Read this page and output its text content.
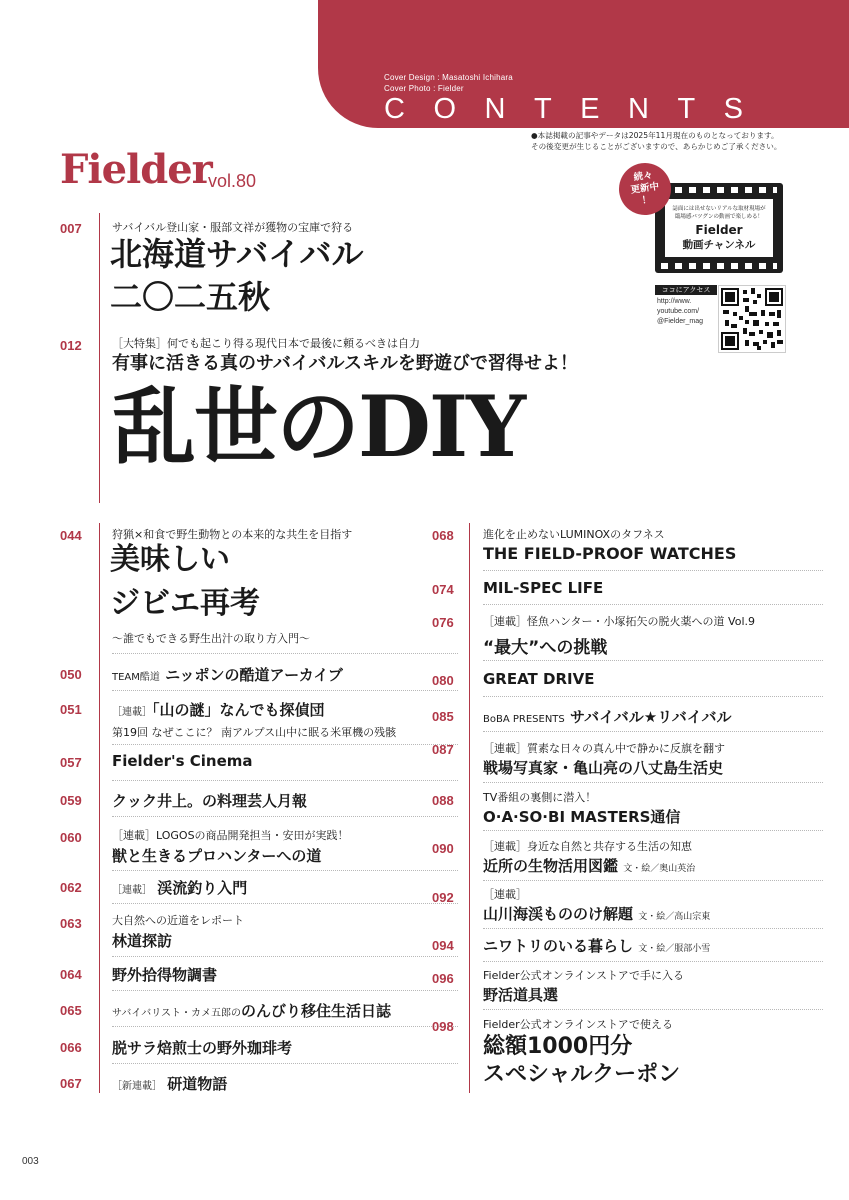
Cover Design : Masatoshi Ichihara
Cover Photo : Fielder
CONTENTS
●本誌掲載の記事やデータは2025年11月現在のものとなっております。
その後変更が生じることがございますので、あらかじめご了承ください。
Fielder
vol.80
誌面には出せないリアルな取材現場が
臨場感バツグンの動画で楽しめる！
Fielder
動画チャンネル
続々
更新中
！
ココにアクセス
http://www.
youtube.com/
@Fielder_mag
007	サバイバル登山家・服部文祥が獲物の宝庫で狩る
北海道サバイバル
二〇二五秋
012	［大特集］何でも起こり得る現代日本で最後に頼るべきは自力
有事に活きる真のサバイバルスキルを野遊びで習得せよ！
乱世のDIY
044	狩猟×和食で野生動物との本来的な共生を目指す
美味しい
ジビエ再考
～誰でもできる野生出汁の取り方入門～
050	TEAM酷道 ニッポンの酷道アーカイブ
051	［連載］「山の謎」なんでも探偵団
第19回 なぜここに？ 南アルプス山中に眠る米軍機の残骸
057 Fielder's Cinema
059 クック井上。の料理芸人月報
060	［連載］LOGOSの商品開発担当・安田が実践！
獣と生きるプロハンターへの道
062	［連載］ 渓流釣り入門
063	大自然への近道をレポート
林道探訪
064 野外拾得物調書
065	サバイバリスト・カメ五郎ののんびり移住生活日誌
066 脱サラ焙煎士の野外珈琲考
067	［新連載］ 研道物語
068	進化を止めないLUMINOXのタフネス
THE FIELD-PROOF WATCHES
074 MIL-SPEC LIFE
076	［連載］怪魚ハンター・小塚拓矢の脱火薬への道 Vol.9
“最大”への挑戦
080 GREAT DRIVE
085	BoBA PRESENTS サバイバル★リバイバル
087	［連載］質素な日々の真ん中で静かに反旗を翻す
戦場写真家・亀山亮の八丈島生活史
088	TV番組の裏側に潜入！
O·A·SO·BI MASTERS通信
090	［連載］身近な自然と共存する生活の知恵
近所の生物活用図鑑 文・絵／奥山英治
092	［連載］
山川海渓もののけ解題 文・絵／高山宗東
094 ニワトリのいる暮らし 文・絵／服部小雪
096	Fielder公式オンラインストアで手に入る
野活道具選
098	Fielder公式オンラインストアで使える
総額1000円分
スペシャルクーポン
003
